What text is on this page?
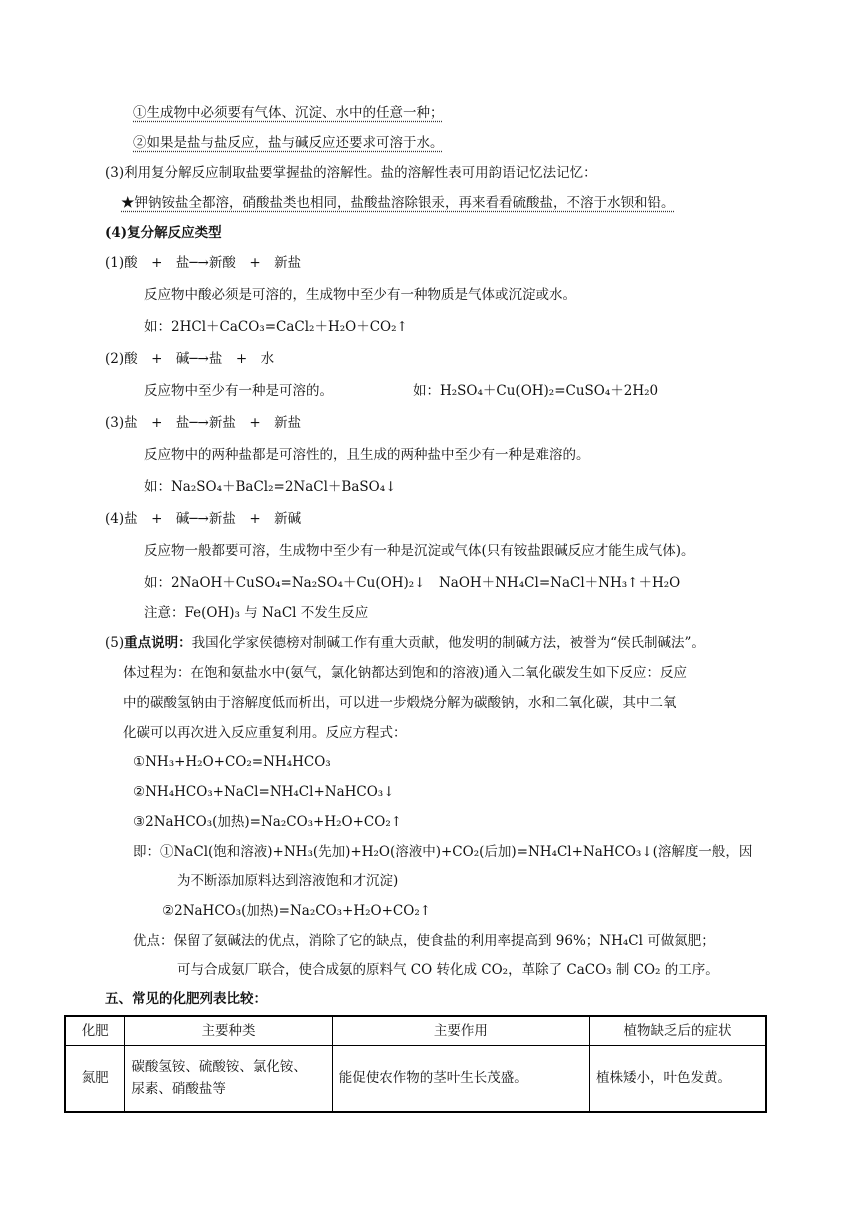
①生成物中必须要有气体、沉淀、水中的任意一种；
②如果是盐与盐反应，盐与碱反应还要求可溶于水。
(3)利用复分解反应制取盐要掌握盐的溶解性。盐的溶解性表可用韵语记忆法记忆：
★钾钠铵盐全都溶，硝酸盐类也相同，盐酸盐溶除银汞，再来看看硫酸盐，不溶于水钡和铅。
(4)复分解反应类型
(1)酸　+　盐─→新酸　+　新盐
反应物中酸必须是可溶的，生成物中至少有一种物质是气体或沉淀或水。
如：2HCl＋CaCO₃=CaCl₂＋H₂O＋CO₂↑
(2)酸　+　碱─→盐　+　水
反应物中至少有一种是可溶的。	如：H₂SO₄＋Cu(OH)₂=CuSO₄＋2H₂0
(3)盐　+　盐─→新盐　+　新盐
反应物中的两种盐都是可溶性的，且生成的两种盐中至少有一种是难溶的。
如：Na₂SO₄＋BaCl₂=2NaCl＋BaSO₄↓
(4)盐　+　碱─→新盐　+　新碱
反应物一般都要可溶，生成物中至少有一种是沉淀或气体(只有铵盐跟碱反应才能生成气体)。
如：2NaOH＋CuSO₄=Na₂SO₄＋Cu(OH)₂↓　NaOH＋NH₄Cl=NaCl＋NH₃↑＋H₂O
注意：Fe(OH)₃ 与 NaCl 不发生反应
(5)重点说明：我国化学家侯德榜对制碱工作有重大贡献，他发明的制碱方法，被誉为“侯氏制碱法”。
体过程为：在饱和氨盐水中(氨气，氯化钠都达到饱和的溶液)通入二氧化碳发生如下反应：反应
中的碳酸氢钠由于溶解度低而析出，可以进一步煅烧分解为碳酸钠，水和二氧化碳，其中二氧
化碳可以再次进入反应重复利用。反应方程式：
①NH₃+H₂O+CO₂=NH₄HCO₃
②NH₄HCO₃+NaCl=NH₄Cl+NaHCO₃↓
③2NaHCO₃(加热)=Na₂CO₃+H₂O+CO₂↑
即：①NaCl(饱和溶液)+NH₃(先加)+H₂O(溶液中)+CO₂(后加)=NH₄Cl+NaHCO₃↓(溶解度一般，因
为不断添加原料达到溶液饱和才沉淀)
②2NaHCO₃(加热)=Na₂CO₃+H₂O+CO₂↑
优点：保留了氨碱法的优点，消除了它的缺点，使食盐的利用率提高到 96%；NH₄Cl 可做氮肥；
可与合成氨厂联合，使合成氨的原料气 CO 转化成 CO₂，革除了 CaCO₃ 制 CO₂ 的工序。
五、常见的化肥列表比较：
化肥	主要种类	主要作用	植物缺乏后的症状
氮肥	碳酸氢铵、硫酸铵、氯化铵、
尿素、硝酸盐等	能促使农作物的茎叶生长茂盛。	植株矮小，叶色发黄。
